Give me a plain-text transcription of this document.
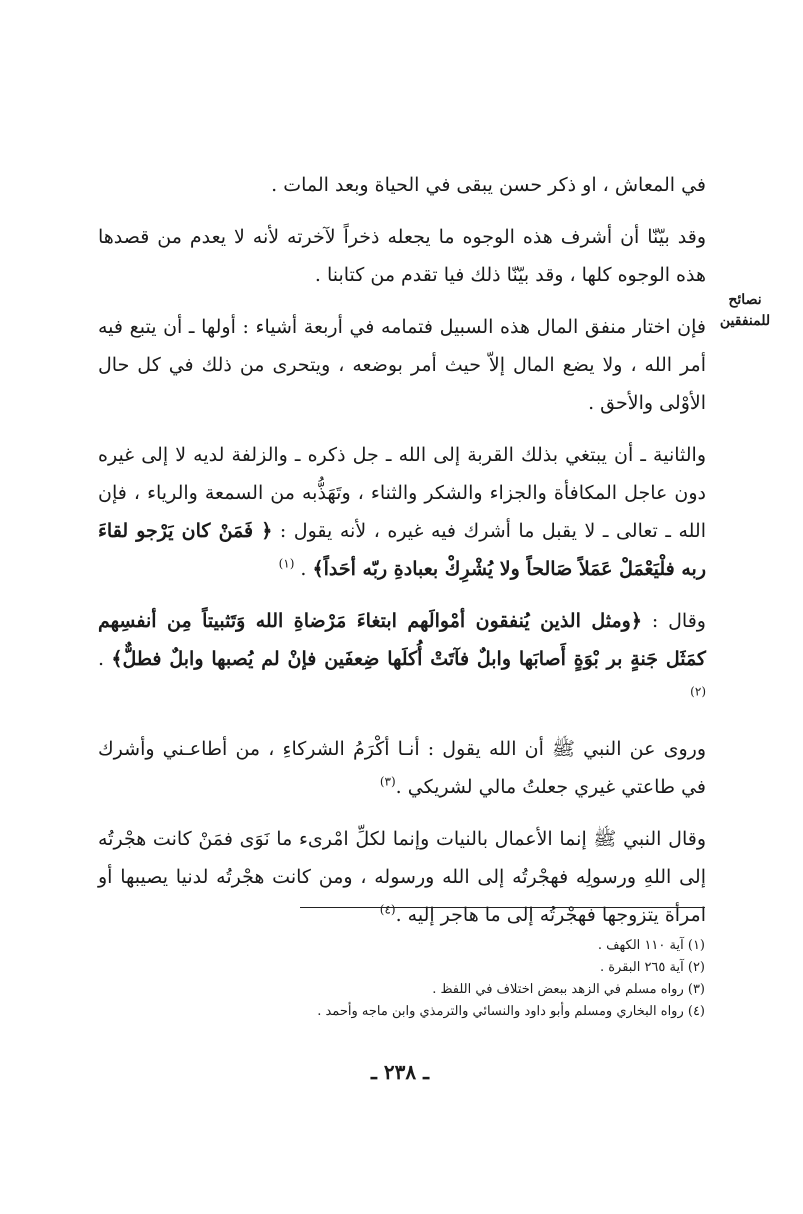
في المعاش ، او ذكر حسن يبقى في الحياة وبعد المات .

وقد بيّنّا أن أشرف هذه الوجوه ما يجعله ذخراً لآخرته لأنه لا يعدم من قصدها هذه الوجوه كلها ، وقد بيّنّا ذلك فيا تقدم من كتابنا .

فإن اختار منفق المال هذه السبيل فتمامه في أربعة أشياء : أولها ـ أن يتبع فيه أمر الله ، ولا يضع المال إلاّ حيث أمر بوضعه ، ويتحرى من ذلك في كل حال الأوْلى والأحق .

والثانية ـ أن يبتغي بذلك القربة إلى الله ـ جل ذكره ـ والزلفة لديه لا إلى غيره دون عاجل المكافأة والجزاء والشكر والثناء ، وتَهَذُّبه من السمعة والرياء ، فإن الله ـ تعالى ـ لا يقبل ما أشرك فيه غيره ، لأنه يقول : ﴿ فَمَنْ كان يَرْجو لقاءَ ربه فلْيَعْمَلْ عَمَلاً صَالحاً ولا يُشْرِكْ بعبادةِ ربّه أحَداً﴾ . $^{(١)}$

وقال : ﴿ومثل الذين يُنفقون أمْوالَهم ابتغاءَ مَرْضاةِ الله وَتَثبيتاً مِن أنفسِهم كمَثَل جَنةٍ بر بْوَةٍ أَصابَها وابلٌ فآتَتْ أُكلَها ضِعفَين فإنْ لم يُصبها وابلٌ فطلٌّ﴾ . $^{(٢)}$

وروى عن النبي ﷺ أن الله يقول : أنـا أكْرَمُ الشركاءِ ، من أطاعـني وأشرك في طاعتي غيري جعلتُ مالي لشريكي .$^{(٣)}$

وقال النبي ﷺ إنما الأعمال بالنيات وإنما لكلِّ امْرىء ما نَوَى فمَنْ كانت هجْرتُه إلى اللهِ ورسولِه فهجْرتُه إلى الله ورسوله ، ومن كانت هجْرتُه لدنيا يصيبها أو امرأة يتزوجها فهجْرتُه إلى ما هاجر إليه .$^{(٤)}$

نصائح للمنفقين
(١) آية ١١٠ الكهف .
(٢) آية ٢٦٥ البقرة .
(٣) رواه مسلم في الزهد ببعض اختلاف في اللفظ .
(٤) رواه البخاري ومسلم وأبو داود والنسائي والترمذي وابن ماجه وأحمد .
ـ ٢٣٨ ـ
